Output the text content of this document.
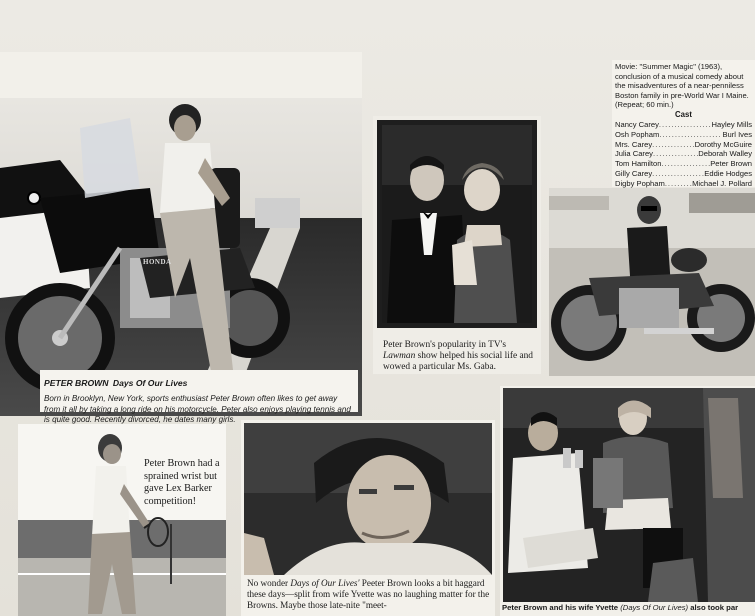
HONDA
PETER BROWN Days Of Our Lives
Born in Brooklyn, New York, sports enthusiast Peter Brown often likes to get away from it all by taking a long ride on his motorcycle. Peter also enjoys playing tennis and is quite good. Recently divorced, he dates many girls.
Peter Brown's popularity in TV's Lawman show helped his social life and wowed a particular Ms. Gaba.
Movie: "Summer Magic" (1963), conclusion of a musical comedy about the misadventures of a near-penniless Boston family in pre-World War I Maine. (Repeat; 60 min.)
Cast
Nancy Carey .....	Hayley Mills
Osh Popham .....	Burl Ives
Mrs. Carey .....	Dorothy McGuire
Julia Carey .....	Deborah Walley
Tom Hamilton .....	Peter Brown
Gilly Carey .....	Eddie Hodges
Digby Popham .....	Michael J. Pollard
.....
Peter Brown had a sprained wrist but gave Lex Barker competition!
No wonder Days of Our Lives' Peeter Brown looks a bit haggard these days—split from wife Yvette was no laughing matter for the Browns. Maybe those late-nite "meet-	Peter Brown and his wife Yvette (Days Of Our Lives) also took par
